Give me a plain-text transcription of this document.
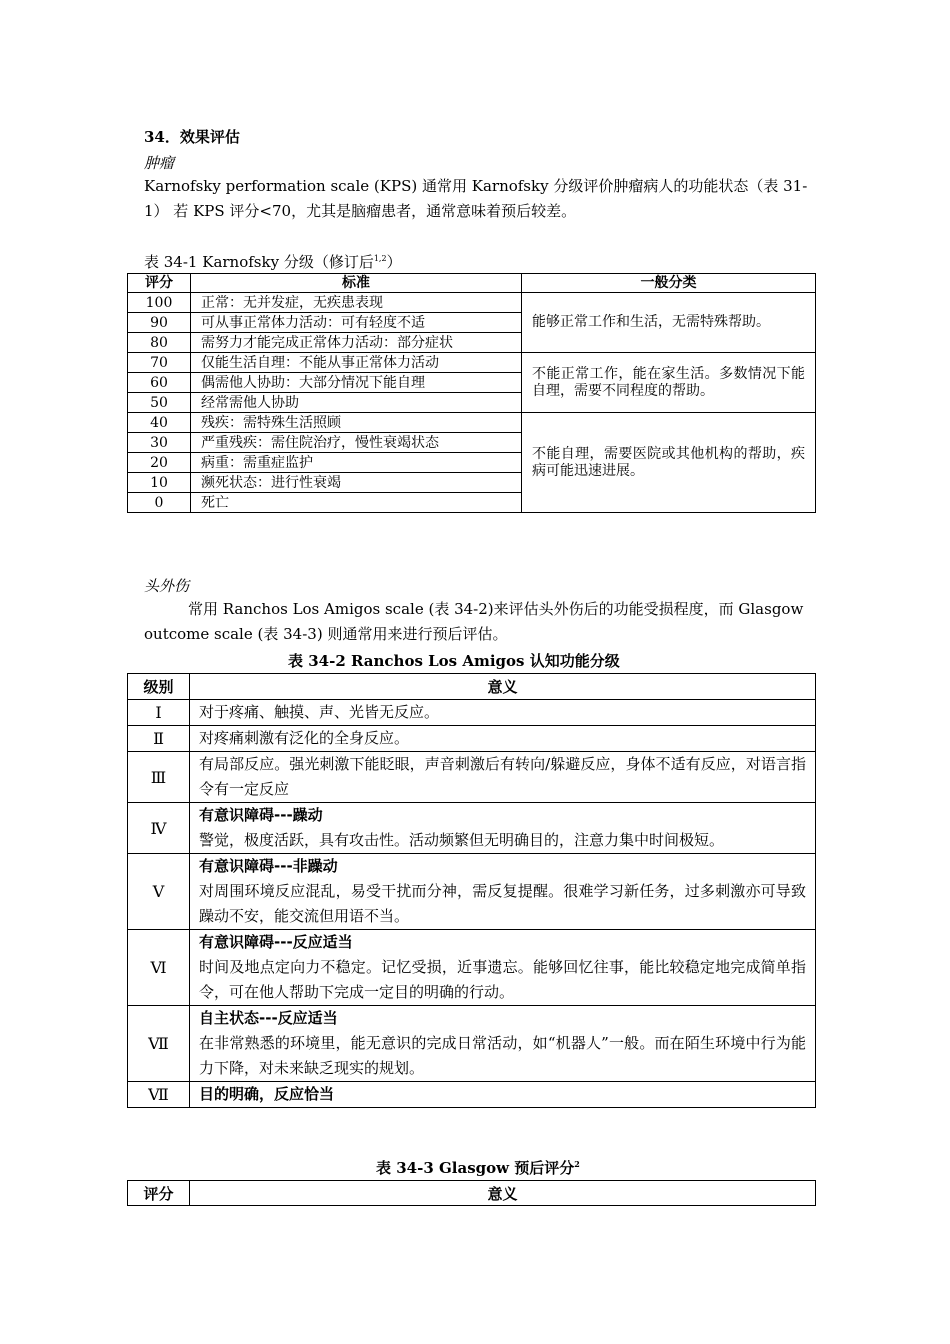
34．效果评估
肿瘤
Karnofsky performation scale (KPS) 通常用 Karnofsky 分级评价肿瘤病人的功能状态（表 31-
1） 若 KPS 评分<70，尤其是脑瘤患者，通常意味着预后较差。
表 34-1 Karnofsky 分级（修订后$^{1,2}$）
评分	标准	一般分类
100	正常：无并发症，无疾患表现	能够正常工作和生活，无需特殊帮助。
90	可从事正常体力活动：可有轻度不适	
80	需努力才能完成正常体力活动：部分症状	
70	仅能生活自理：不能从事正常体力活动	不能正常工作，能在家生活。多数情况下能自理，需要不同程度的帮助。
60	偶需他人协助：大部分情况下能自理	
50	经常需他人协助	
40	残疾：需特殊生活照顾	不能自理，需要医院或其他机构的帮助，疾病可能迅速进展。
30	严重残疾：需住院治疗，慢性衰竭状态	
20	病重：需重症监护	
10	濒死状态：进行性衰竭	
0	死亡	
头外伤
常用 Ranchos Los Amigos scale (表 34-2)来评估头外伤后的功能受损程度，而 Glasgow
outcome scale (表 34-3) 则通常用来进行预后评估。
表 34-2 Ranchos Los Amigos 认知功能分级
级别	意义
Ⅰ	对于疼痛、触摸、声、光皆无反应。
Ⅱ	对疼痛刺激有泛化的全身反应。
Ⅲ	有局部反应。强光刺激下能眨眼，声音刺激后有转向/躲避反应，身体不适有反应，对语言指令有一定反应
Ⅳ	有意识障碍---躁动
警觉，极度活跃，具有攻击性。活动频繁但无明确目的，注意力集中时间极短。
Ⅴ	有意识障碍---非躁动
对周围环境反应混乱，易受干扰而分神，需反复提醒。很难学习新任务，过多刺激亦可导致躁动不安，能交流但用语不当。
Ⅵ	有意识障碍---反应适当
时间及地点定向力不稳定。记忆受损，近事遗忘。能够回忆往事，能比较稳定地完成简单指令，可在他人帮助下完成一定目的明确的行动。
Ⅶ	自主状态---反应适当
在非常熟悉的环境里，能无意识的完成日常活动，如“机器人”一般。而在陌生环境中行为能力下降，对未来缺乏现实的规划。
Ⅶ	目的明确，反应恰当
表 34-3 Glasgow 预后评分$^2$
评分	意义
